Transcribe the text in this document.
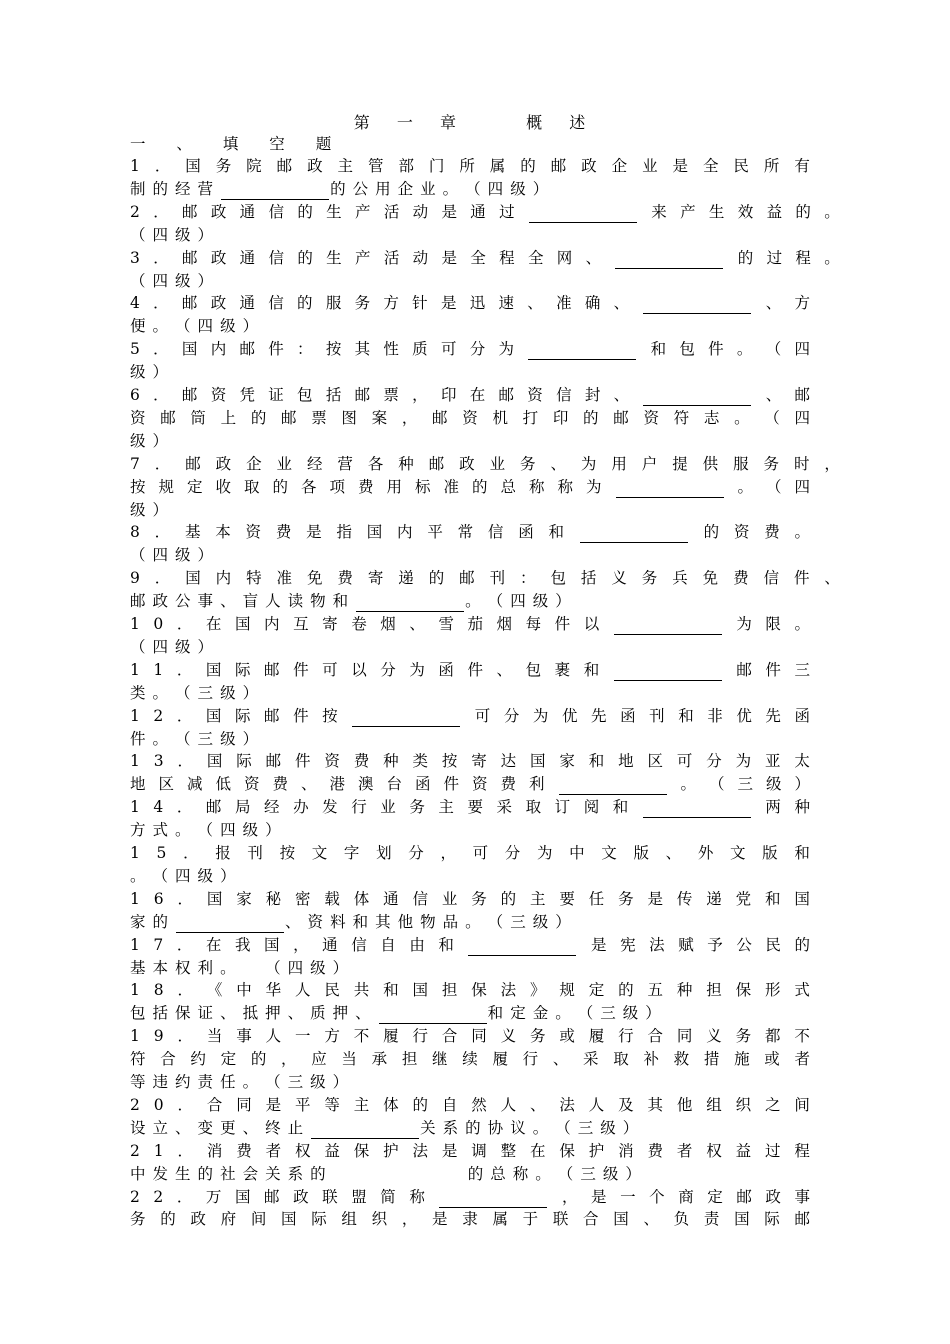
第 一 章 　 概 述
一 、 填 空 题
1 ． 国 务 院 邮 政 主 管 部 门 所 属 的 邮 政 企 业 是 全 民 所 有
制 的 经 营	的 公 用 企 业 。 （ 四 级 ）
2 ． 邮 政 通 信 的 生 产 活 动 是 通 过	来 产 生 效 益 的 。
（ 四 级 ）
3 ． 邮 政 通 信 的 生 产 活 动 是 全 程 全 网 、	的 过 程 。
（ 四 级 ）
4 ． 邮 政 通 信 的 服 务 方 针 是 迅 速 、 准 确 、	、 方
便 。 （ 四 级 ）
5 ． 国 内 邮 件 ： 按 其 性 质 可 分 为	和 包 件 。 （ 四
级 ）
6 ． 邮 资 凭 证 包 括 邮 票 ， 印 在 邮 资 信 封 、	、 邮
资 邮 筒 上 的 邮 票 图 案 ， 邮 资 机 打 印 的 邮 资 符 志 。 （ 四
级 ）
7 ． 邮 政 企 业 经 营 各 种 邮 政 业 务 、 为 用 户 提 供 服 务 时 ，
按 规 定 收 取 的 各 项 费 用 标 准 的 总 称 称 为	。 （ 四
级 ）
8 ． 基 本 资 费 是 指 国 内 平 常 信 函 和	的 资 费 。
（ 四 级 ）
9 ． 国 内 特 准 免 费 寄 递 的 邮 刊 ： 包 括 义 务 兵 免 费 信 件 、
邮 政 公 事 、 盲 人 读 物 和	。 （ 四 级 ）
1 0 ． 在 国 内 互 寄 卷 烟 、 雪 茄 烟 每 件 以	为 限 。
（ 四 级 ）
1 1 ． 国 际 邮 件 可 以 分 为 函 件 、 包 裹 和	邮 件 三
类 。 （ 三 级 ）
1 2 ． 国 际 邮 件 按	可 分 为 优 先 函 刊 和 非 优 先 函
件 。 （ 三 级 ）
1 3 ． 国 际 邮 件 资 费 种 类 按 寄 达 国 家 和 地 区 可 分 为 亚 太
地 区 减 低 资 费 、 港 澳 台 函 件 资 费 利	。 （ 三 级 ）
1 4 ． 邮 局 经 办 发 行 业 务 主 要 采 取 订 阅 和	两 种
方 式 。 （ 四 级 ）
1 5 ． 报 刊 按 文 字 划 分 ， 可 分 为 中 文 版 、 外 文 版 和
。 （ 四 级 ）
1 6 ． 国 家 秘 密 载 体 通 信 业 务 的 主 要 任 务 是 传 递 党 和 国
家 的	、 资 料 和 其 他 物 品 。 （ 三 级 ）
1 7 ． 在 我 国 ， 通 信 自 由 和	是 宪 法 赋 予 公 民 的
基 本 权 利 。
　 （ 四 级 ）
1 8 ． 《 中 华 人 民 共 和 国 担 保 法 》 规 定 的 五 种 担 保 形 式
包 括 保 证 、 抵 押 、 质 押 、	和 定 金 。 （ 三 级 ）
1 9 ． 当 事 人 一 方 不 履 行 合 同 义 务 或 履 行 合 同 义 务 都 不
符 合 约 定 的 ， 应 当 承 担 继 续 履 行 、 采 取 补 救 措 施 或 者
等 违 约 责 任 。 （ 三 级 ）
2 0 ． 合 同 是 平 等 主 体 的 自 然 人 、 法 人 及 其 他 组 织 之 间
设 立 、 变 更 、 终 止	关 系 的 协 议 。 （ 三 级 ）
2 1 ． 消 费 者 权 益 保 护 法 是 调 整 在 保 护 消 费 者 权 益 过 程
中 发 生 的 社 会 关 系 的

　	的 总 称 。 （ 三 级 ）
2 2 ． 万 国 邮 政 联 盟 简 称	， 是 一 个 商 定 邮 政 事
务 的 政 府 间 国 际 组 织 ， 是 隶 属 于 联 合 国 、 负 责 国 际 邮
